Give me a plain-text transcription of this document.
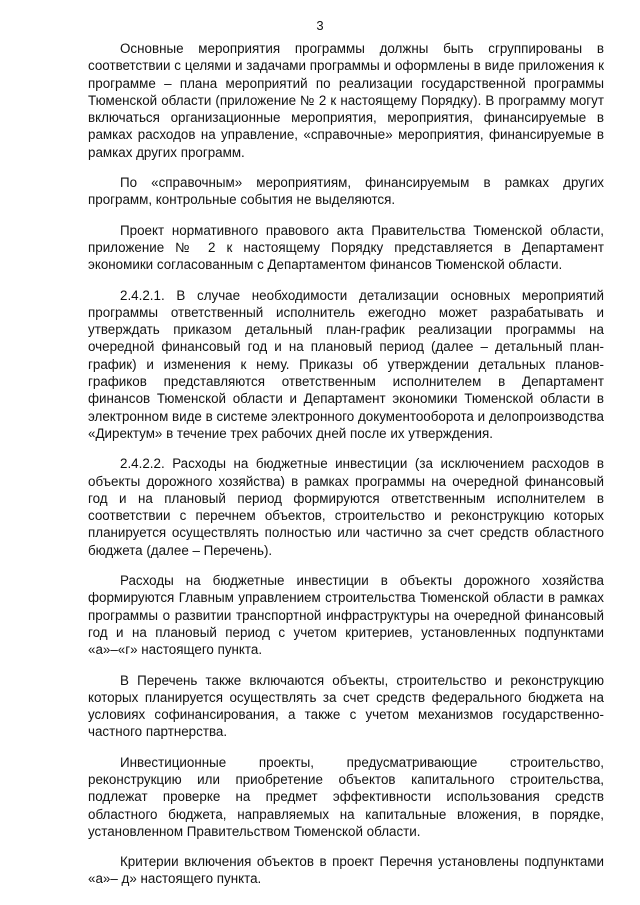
3

Основные мероприятия программы должны быть сгруппированы в соответствии с целями и задачами программы и оформлены в виде приложения к программе – плана мероприятий по реализации государственной программы Тюменской области (приложение № 2 к настоящему Порядку). В программу могут включаться организационные мероприятия, мероприятия, финансируемые в рамках расходов на управление, «справочные» мероприятия, финансируемые в рамках других программ.

По «справочным» мероприятиям, финансируемым в рамках других программ, контрольные события не выделяются.

Проект нормативного правового акта Правительства Тюменской области, приложение № 2 к настоящему Порядку представляется в Департамент экономики согласованным с Департаментом финансов Тюменской области.

2.4.2.1. В случае необходимости детализации основных мероприятий программы ответственный исполнитель ежегодно может разрабатывать и утверждать приказом детальный план-график реализации программы на очередной финансовый год и на плановый период (далее – детальный план-график) и изменения к нему. Приказы об утверждении детальных планов-графиков представляются ответственным исполнителем в Департамент финансов Тюменской области и Департамент экономики Тюменской области в электронном виде в системе электронного документооборота и делопроизводства «Директум» в течение трех рабочих дней после их утверждения.

2.4.2.2. Расходы на бюджетные инвестиции (за исключением расходов в объекты дорожного хозяйства) в рамках программы на очередной финансовый год и на плановый период формируются ответственным исполнителем в соответствии с перечнем объектов, строительство и реконструкцию которых планируется осуществлять полностью или частично за счет средств областного бюджета (далее – Перечень).

Расходы на бюджетные инвестиции в объекты дорожного хозяйства формируются Главным управлением строительства Тюменской области в рамках программы о развитии транспортной инфраструктуры на очередной финансовый год и на плановый период с учетом критериев, установленных подпунктами «а»–«г» настоящего пункта.

В Перечень также включаются объекты, строительство и реконструкцию которых планируется осуществлять за счет средств федерального бюджета на условиях софинансирования, а также с учетом механизмов государственно-частного партнерства.

Инвестиционные проекты, предусматривающие строительство, реконструкцию или приобретение объектов капитального строительства, подлежат проверке на предмет эффективности использования средств областного бюджета, направляемых на капитальные вложения, в порядке, установленном Правительством Тюменской области.

Критерии включения объектов в проект Перечня установлены подпунктами «а»– д» настоящего пункта.
